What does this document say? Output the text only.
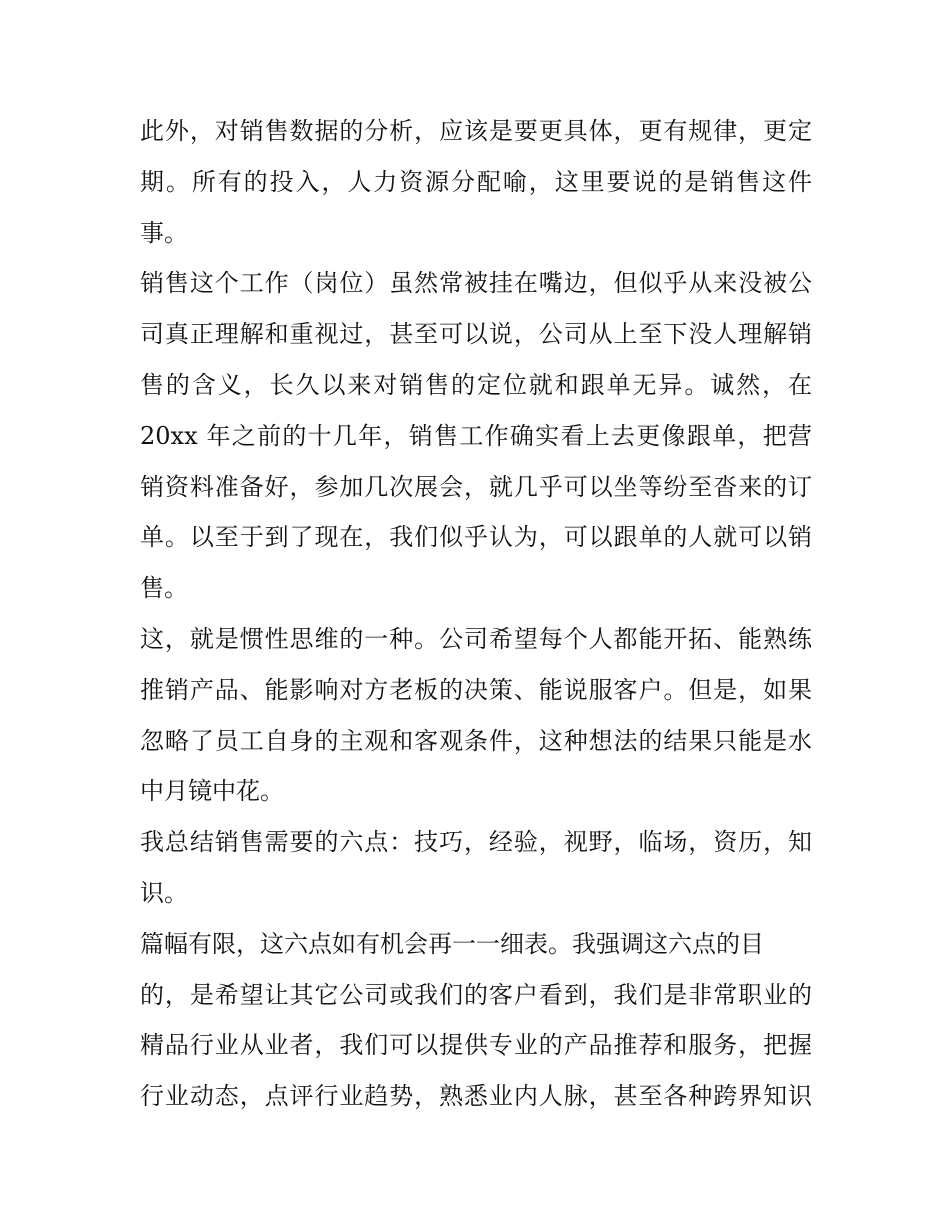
此外，对销售数据的分析，应该是要更具体，更有规律，更定
期。所有的投入，人力资源分配喻，这里要说的是销售这件
事。
销售这个工作（岗位）虽然常被挂在嘴边，但似乎从来没被公
司真正理解和重视过，甚至可以说，公司从上至下没人理解销
售的含义，长久以来对销售的定位就和跟单无异。诚然，在
20xx 年之前的十几年，销售工作确实看上去更像跟单，把营
销资料准备好，参加几次展会，就几乎可以坐等纷至沓来的订
单。以至于到了现在，我们似乎认为，可以跟单的人就可以销
售。
这，就是惯性思维的一种。公司希望每个人都能开拓、能熟练
推销产品、能影响对方老板的决策、能说服客户。但是，如果
忽略了员工自身的主观和客观条件，这种想法的结果只能是水
中月镜中花。
我总结销售需要的六点：技巧，经验，视野，临场，资历，知
识。
篇幅有限，这六点如有机会再一一细表。我强调这六点的目
的，是希望让其它公司或我们的客户看到，我们是非常职业的
精品行业从业者，我们可以提供专业的产品推荐和服务，把握
行业动态，点评行业趋势，熟悉业内人脉，甚至各种跨界知识
